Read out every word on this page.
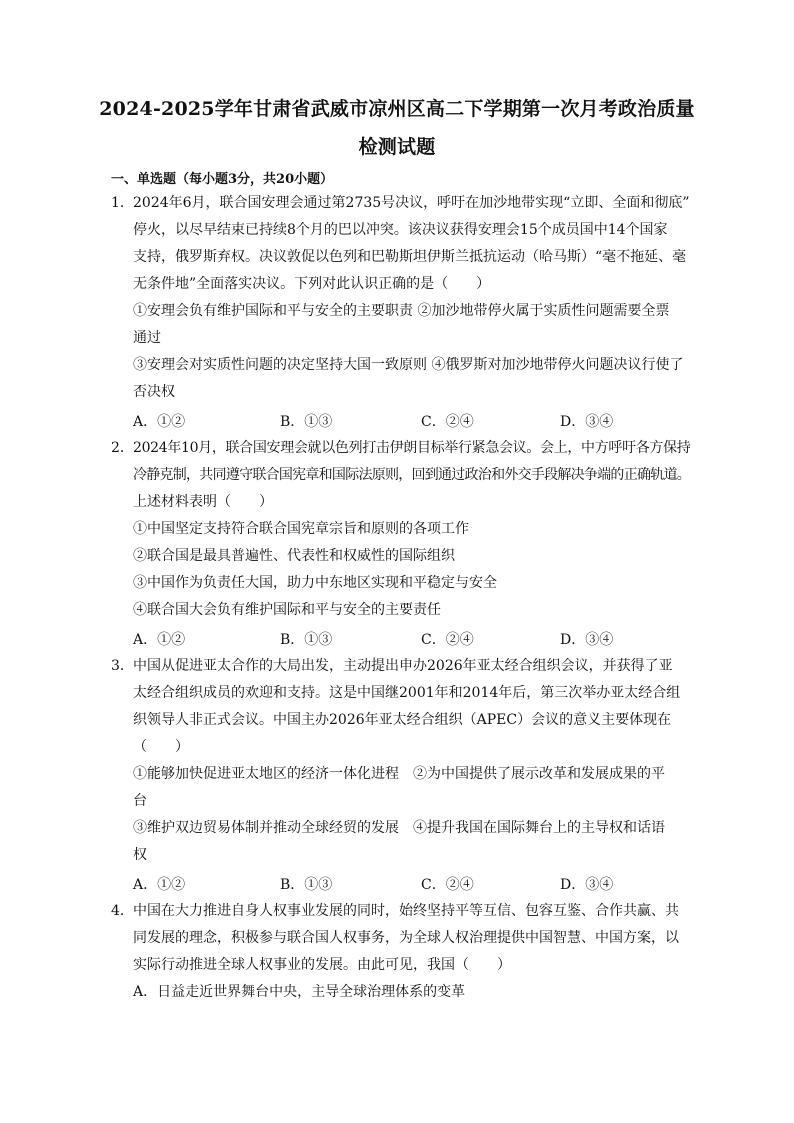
2024-2025学年甘肃省武威市凉州区高二下学期第一次月考政治质量
检测试题
一、单选题（每小题3分，共20小题）
1． 2024年6月，联合国安理会通过第2735号决议，呼吁在加沙地带实现“立即、全面和彻底”
停火，以尽早结束已持续8个月的巴以冲突。该决议获得安理会15个成员国中14个国家
支持，俄罗斯弃权。决议敦促以色列和巴勒斯坦伊斯兰抵抗运动（哈马斯）“毫不拖延、毫
无条件地”全面落实决议。下列对此认识正确的是（　　）
①安理会负有维护国际和平与安全的主要职责 ②加沙地带停火属于实质性问题需要全票
通过
③安理会对实质性问题的决定坚持大国一致原则 ④俄罗斯对加沙地带停火问题决议行使了
否决权
A．①②	B．①③	C．②④	D．③④
2． 2024年10月，联合国安理会就以色列打击伊朗目标举行紧急会议。会上，中方呼吁各方保持
冷静克制，共同遵守联合国宪章和国际法原则，回到通过政治和外交手段解决争端的正确轨道。
上述材料表明（　　）
①中国坚定支持符合联合国宪章宗旨和原则的各项工作
②联合国是最具普遍性、代表性和权威性的国际组织
③中国作为负责任大国，助力中东地区实现和平稳定与安全
④联合国大会负有维护国际和平与安全的主要责任
A．①②	B．①③	C．②④	D．③④
3． 中国从促进亚太合作的大局出发，主动提出申办2026年亚太经合组织会议，并获得了亚
太经合组织成员的欢迎和支持。这是中国继2001年和2014年后，第三次举办亚太经合组
织领导人非正式会议。中国主办2026年亚太经合组织（APEC）会议的意义主要体现在
（　　）
①能够加快促进亚太地区的经济一体化进程　②为中国提供了展示改革和发展成果的平
台
③维护双边贸易体制并推动全球经贸的发展　④提升我国在国际舞台上的主导权和话语
权
A．①②	B．①③	C．②④	D．③④
4． 中国在大力推进自身人权事业发展的同时，始终坚持平等互信、包容互鉴、合作共赢、共
同发展的理念，积极参与联合国人权事务，为全球人权治理提供中国智慧、中国方案，以
实际行动推进全球人权事业的发展。由此可见，我国（　　）
A．日益走近世界舞台中央，主导全球治理体系的变革
